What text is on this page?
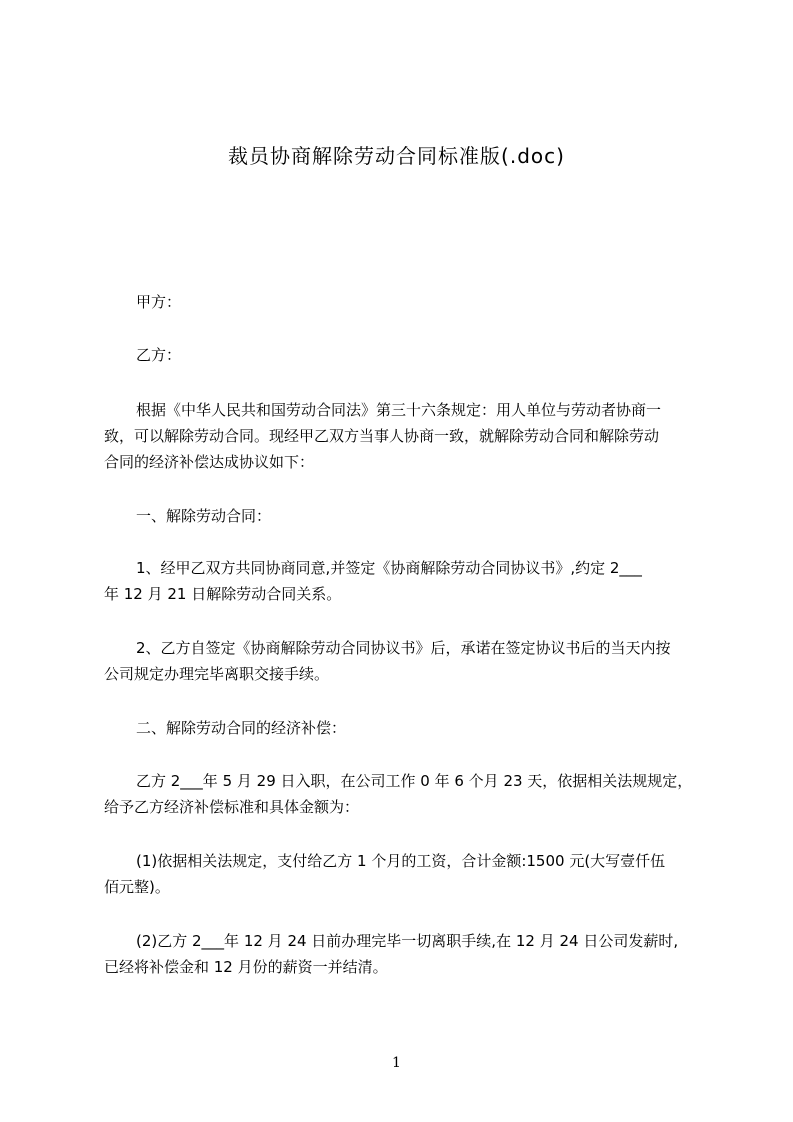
裁员协商解除劳动合同标准版(.doc)
甲方：
乙方：
根据《中华人民共和国劳动合同法》第三十六条规定：用人单位与劳动者协商一
致，可以解除劳动合同。现经甲乙双方当事人协商一致，就解除劳动合同和解除劳动
合同的经济补偿达成协议如下：
一、解除劳动合同：
1、经甲乙双方共同协商同意,并签定《协商解除劳动合同协议书》,约定 2___
年 12 月 21 日解除劳动合同关系。
2、乙方自签定《协商解除劳动合同协议书》后，承诺在签定协议书后的当天内按
公司规定办理完毕离职交接手续。
二、解除劳动合同的经济补偿：
乙方 2___年 5 月 29 日入职，在公司工作 0 年 6 个月 23 天，依据相关法规规定，
给予乙方经济补偿标准和具体金额为：
(1)依据相关法规定，支付给乙方 1 个月的工资，合计金额:1500 元(大写壹仟伍
佰元整)。
(2)乙方 2___年 12 月 24 日前办理完毕一切离职手续,在 12 月 24 日公司发薪时,
已经将补偿金和 12 月份的薪资一并结清。
1
